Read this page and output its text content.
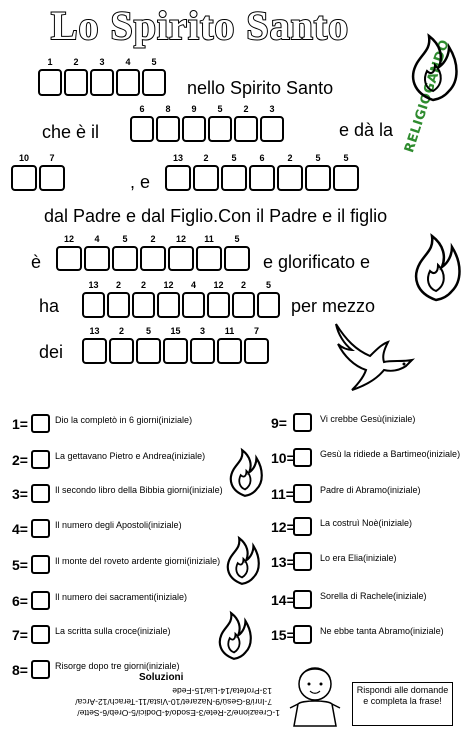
Lo Spirito Santo
RELIGIOGANDO
nello Spirito Santo
che è il	e dà la
, e
dal Padre e dal Figlio.Con il Padre e il figlio
è	e glorificato e
ha	per mezzo
dei
1	2	3	4	5
6	8	9	5	2	3
10	7	13	2	5	6	2	5	5
12	4	5	2	12	11	5
13	2	2	12	4	12	2	5
13	2	5	15	3	11	7
1=	Dio la completò in 6 giorni(iniziale)
2=	La gettavano Pietro e Andrea(iniziale)
3=	Il secondo libro della Bibbia giorni(iniziale)
4=	Il numero degli Apostoli(iniziale)
5=	Il monte del roveto ardente giorni(iniziale)
6=	Il numero dei sacramenti(iniziale)
7=	La scritta sulla croce(iniziale)
8=	Risorge dopo tre giorni(iniziale)
9=	Vi crebbe Gesù(iniziale)
10=	Gesù la ridiede a Bartimeo(iniziale)
11=	Padre di Abramo(iniziale)
12=	La costruì Noè(iniziale)
13=	Lo era Elia(iniziale)
14=	Sorella di Rachele(iniziale)
15=	Ne ebbe tanta Abramo(iniziale)
13-Profeta/14-Lia/15-Fede
7-Inri/8-Gesù/9-Nazaret/10-Vista/11-Terach/12-Arca/
1-Creazione/2-Rete/3-Esodo/4-Dodici/5-Oreb/6-Sette/
Soluzioni
Rispondi alle domande e completa la frase!
